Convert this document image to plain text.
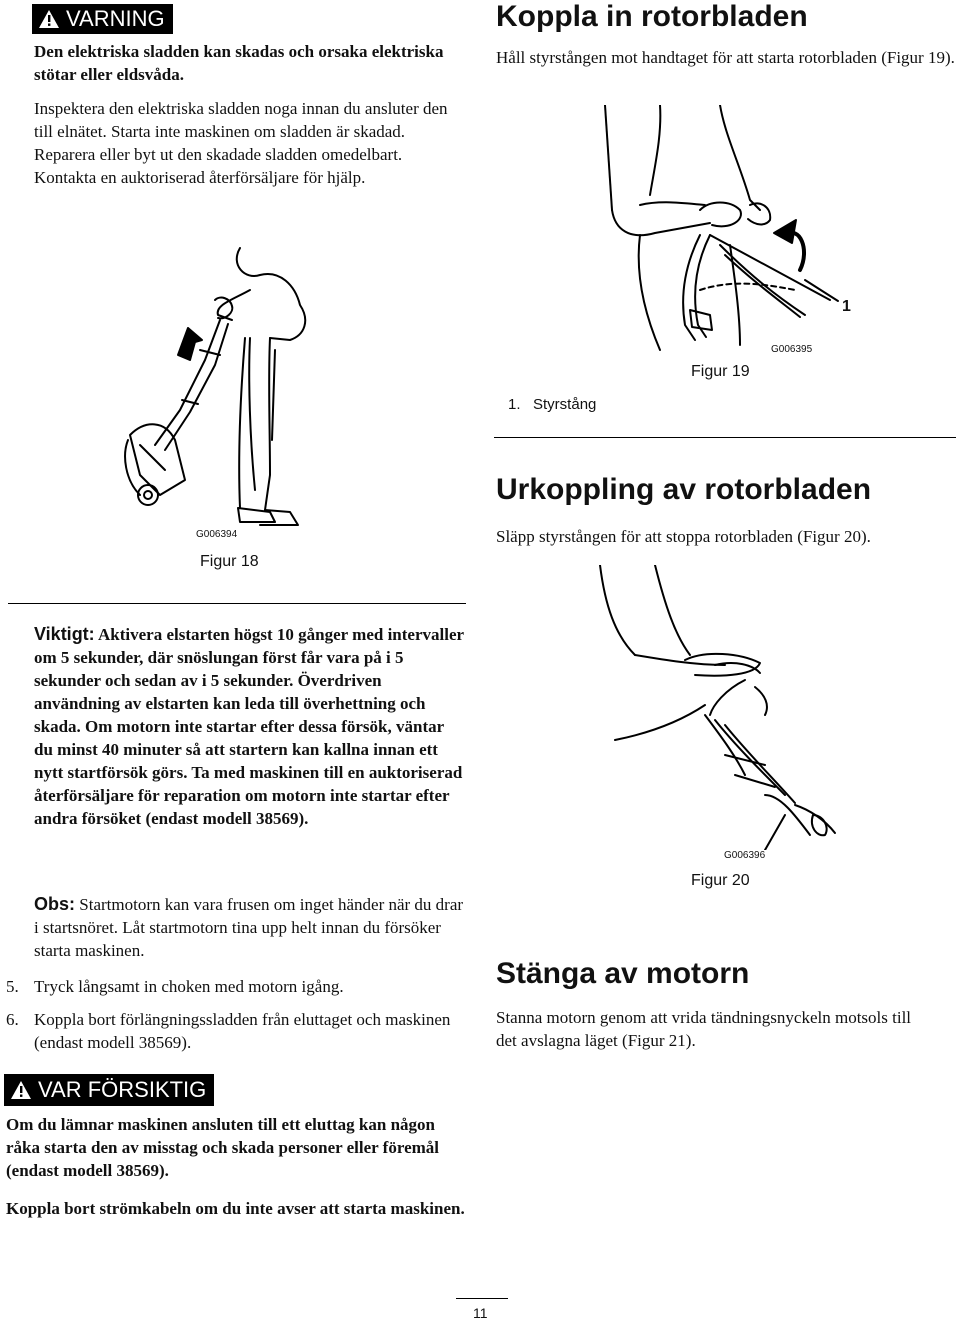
VARNING

Den elektriska sladden kan skadas och orsaka elektriska stötar eller eldsvåda.

Inspektera den elektriska sladden noga innan du ansluter den till elnätet. Starta inte maskinen om sladden är skadad. Reparera eller byt ut den skadade sladden omedelbart. Kontakta en auktoriserad återförsäljare för hjälp.

G006394
Figur 18

Viktigt: Aktivera elstarten högst 10 gånger med intervaller om 5 sekunder, där snöslungan först får vara på i 5 sekunder och sedan av i 5 sekunder. Överdriven användning av elstarten kan leda till överhettning och skada. Om motorn inte startar efter dessa försök, väntar du minst 40 minuter så att startern kan kallna innan ett nytt startförsök görs. Ta med maskinen till en auktoriserad återförsäljare för reparation om motorn inte startar efter andra försöket (endast modell 38569).

Obs: Startmotorn kan vara frusen om inget händer när du drar i startsnöret. Låt startmotorn tina upp helt innan du försöker starta maskinen.

5. Tryck långsamt in choken med motorn igång.
6. Koppla bort förlängningssladden från eluttaget och maskinen (endast modell 38569).
VAR FÖRSIKTIG

Om du lämnar maskinen ansluten till ett eluttag kan någon råka starta den av misstag och skada personer eller föremål (endast modell 38569).

Koppla bort strömkabeln om du inte avser att starta maskinen.

Koppla in rotorbladen

Håll styrstången mot handtaget för att starta rotorbladen (Figur 19).

1
G006395
Figur 19
1.   Styrstång
Urkoppling av rotorbladen

Släpp styrstången för att stoppa rotorbladen (Figur 20).

G006396
Figur 20
Stänga av motorn

Stanna motorn genom att vrida tändningsnyckeln motsols till det avslagna läget (Figur 21).

11
